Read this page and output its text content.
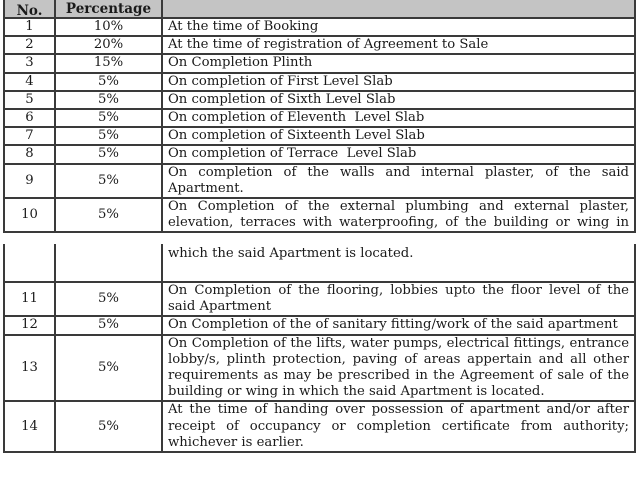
No.	Percentage	
1	10%	At the time of Booking
2	20%	At the time of registration of Agreement to Sale
3	15%	On Completion Plinth
4	5%	On completion of First Level Slab
5	5%	On completion of Sixth Level Slab
6	5%	On completion of Eleventh  Level Slab
7	5%	On completion of Sixteenth Level Slab
8	5%	On completion of Terrace  Level Slab
9	5%	On completion of the walls and internal plaster, of the said Apartment.
10	5%	On Completion of the external plumbing and external plaster, elevation, terraces with waterproofing, of the building or wing in
		which the said Apartment is located.
11	5%	On Completion of the flooring, lobbies upto the floor level of the said Apartment
12	5%	On Completion of the of sanitary fitting/work of the said apartment
13	5%	On Completion of the lifts, water pumps, electrical fittings, entrance lobby/s, plinth protection, paving of areas appertain and all other requirements as may be prescribed in the Agreement of sale of the building or wing in which the said Apartment is located.
14	5%	At the time of handing over possession of apartment and/or after receipt of occupancy or completion certificate from authority; whichever is earlier.
